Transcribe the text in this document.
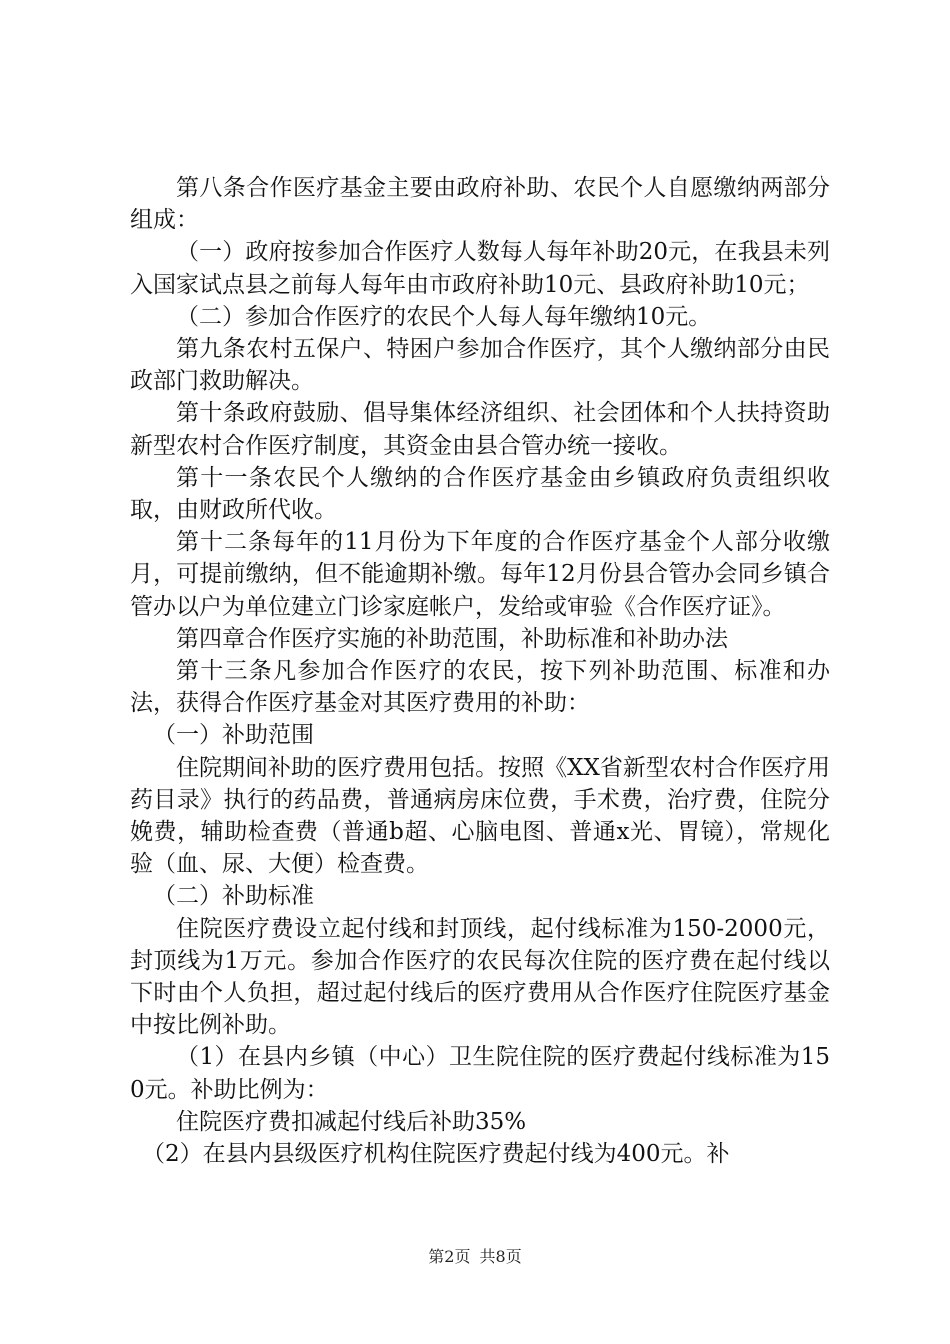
第八条合作医疗基金主要由政府补助、农民个人自愿缴纳两部分组成：

（一）政府按参加合作医疗人数每人每年补助20元，在我县未列入国家试点县之前每人每年由市政府补助10元、县政府补助10元；

（二）参加合作医疗的农民个人每人每年缴纳10元。

第九条农村五保户、特困户参加合作医疗，其个人缴纳部分由民政部门救助解决。

第十条政府鼓励、倡导集体经济组织、社会团体和个人扶持资助新型农村合作医疗制度，其资金由县合管办统一接收。

第十一条农民个人缴纳的合作医疗基金由乡镇政府负责组织收取，由财政所代收。

第十二条每年的11月份为下年度的合作医疗基金个人部分收缴月，可提前缴纳，但不能逾期补缴。每年12月份县合管办会同乡镇合管办以户为单位建立门诊家庭帐户，发给或审验《合作医疗证》。

第四章合作医疗实施的补助范围，补助标准和补助办法

第十三条凡参加合作医疗的农民，按下列补助范围、标准和办法，获得合作医疗基金对其医疗费用的补助：

（一）补助范围

住院期间补助的医疗费用包括。按照《XX省新型农村合作医疗用药目录》执行的药品费，普通病房床位费，手术费，治疗费，住院分娩费，辅助检查费（普通b超、心脑电图、普通x光、胃镜），常规化验（血、尿、大便）检查费。

（二）补助标准

住院医疗费设立起付线和封顶线，起付线标准为150-2000元，封顶线为1万元。参加合作医疗的农民每次住院的医疗费在起付线以下时由个人负担，超过起付线后的医疗费用从合作医疗住院医疗基金中按比例补助。

（1）在县内乡镇（中心）卫生院住院的医疗费起付线标准为150元。补助比例为：

住院医疗费扣减起付线后补助35%

（2）在县内县级医疗机构住院医疗费起付线为400元。补

第2页 共8页
